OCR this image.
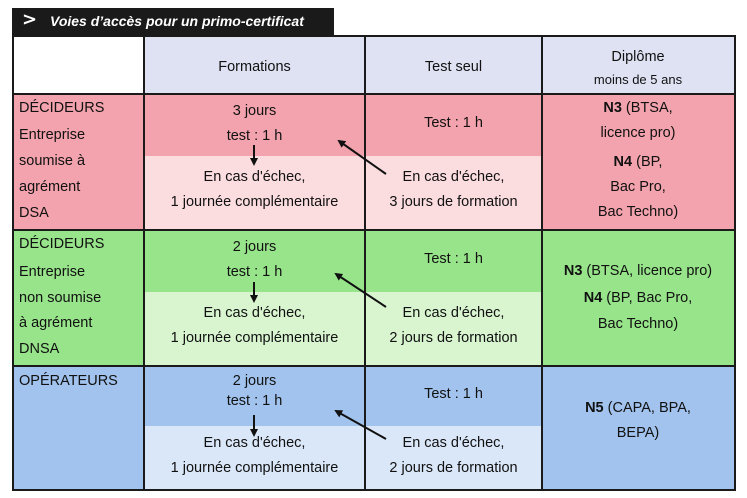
> Voies d’accès pour un primo-certificat
Formations	Test seul
Diplôme
moins de 5 ans
DÉCIDEURS
Entreprise
soumise à
agrément
DSA
3 jours
test : 1 h
En cas d'échec,
1 journée complémentaire
Test : 1 h
En cas d'échec,
3 jours de formation
N3 (BTSA,
licence pro)
N4 (BP,
Bac Pro,
Bac Techno)
DÉCIDEURS
Entreprise
non soumise
à agrément
DNSA
2 jours
test : 1 h
En cas d'échec,
1 journée complémentaire
Test : 1 h
En cas d'échec,
2 jours de formation
N3 (BTSA, licence pro)
N4 (BP, Bac Pro,
Bac Techno)
OPÉRATEURS	2 jours
test : 1 h
En cas d'échec,
1 journée complémentaire
Test : 1 h
En cas d'échec,
2 jours de formation
N5 (CAPA, BPA,
BEPA)
